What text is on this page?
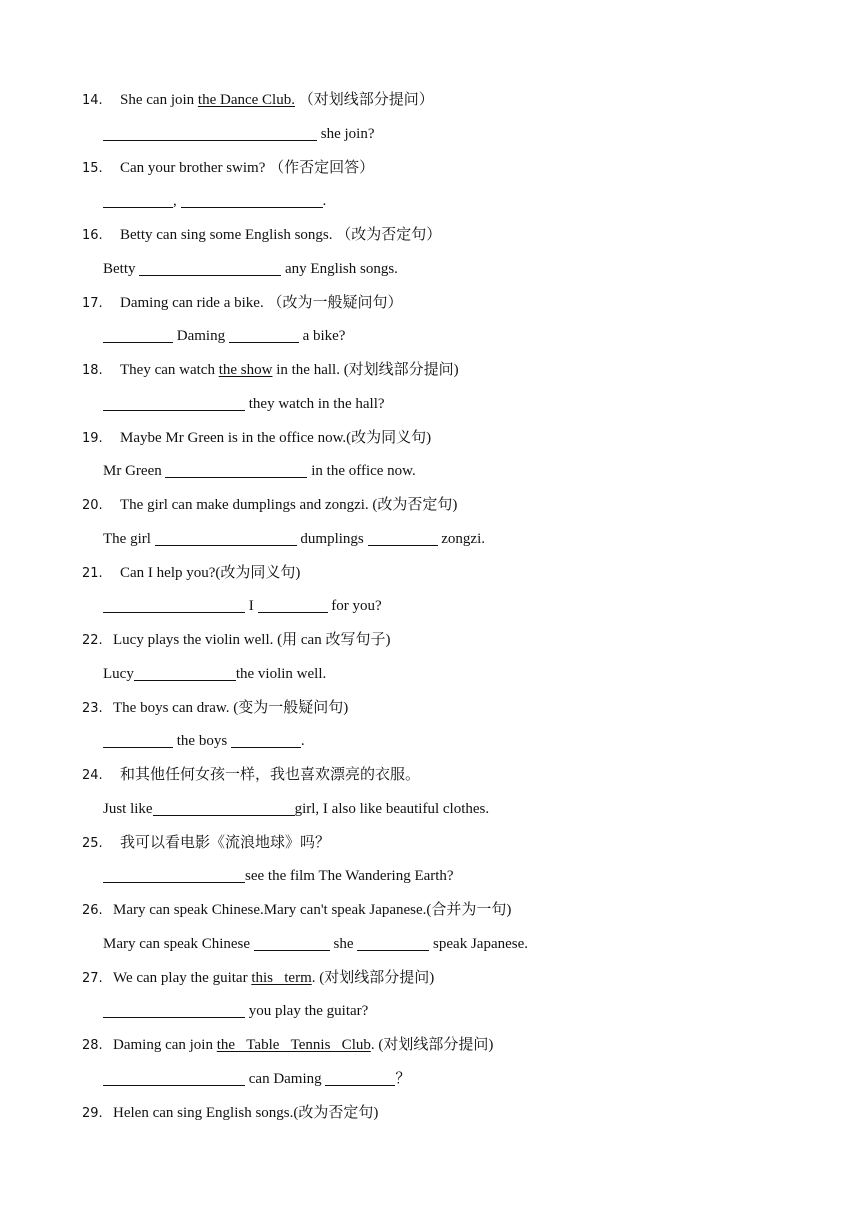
14. She can join the Dance Club. （对划线部分提问）
she join?
15. Can your brother swim? （作否定回答）
,	.
16. Betty can sing some English songs. （改为否定句）
Betty	any English songs.
17. Daming can ride a bike. （改为一般疑问句）
Daming	a bike?
18. They can watch the show in the hall. (对划线部分提问)
they watch in the hall?
19. Maybe Mr Green is in the office now.(改为同义句)
Mr Green	in the office now.
20. The girl can make dumplings and zongzi. (改为否定句)
The girl	dumplings	zongzi.
21. Can I help you?(改为同义句)
I	for you?
22. Lucy plays the violin well. (用 can 改写句子)
Lucy	the violin well.
23. The boys can draw. (变为一般疑问句)
the boys	.
24. 和其他任何女孩一样，我也喜欢漂亮的衣服。
Just like	girl, I also like beautiful clothes.
25. 我可以看电影《流浪地球》吗？
see the film The Wandering Earth?
26. Mary can speak Chinese.Mary can't speak Japanese.(合并为一句)
Mary can speak Chinese	she	speak Japanese.
27. We can play the guitar this   term. (对划线部分提问)
you play the guitar?
28. Daming can join the   Table   Tennis   Club. (对划线部分提问)
can Daming	？
29. Helen can sing English songs.(改为否定句)
